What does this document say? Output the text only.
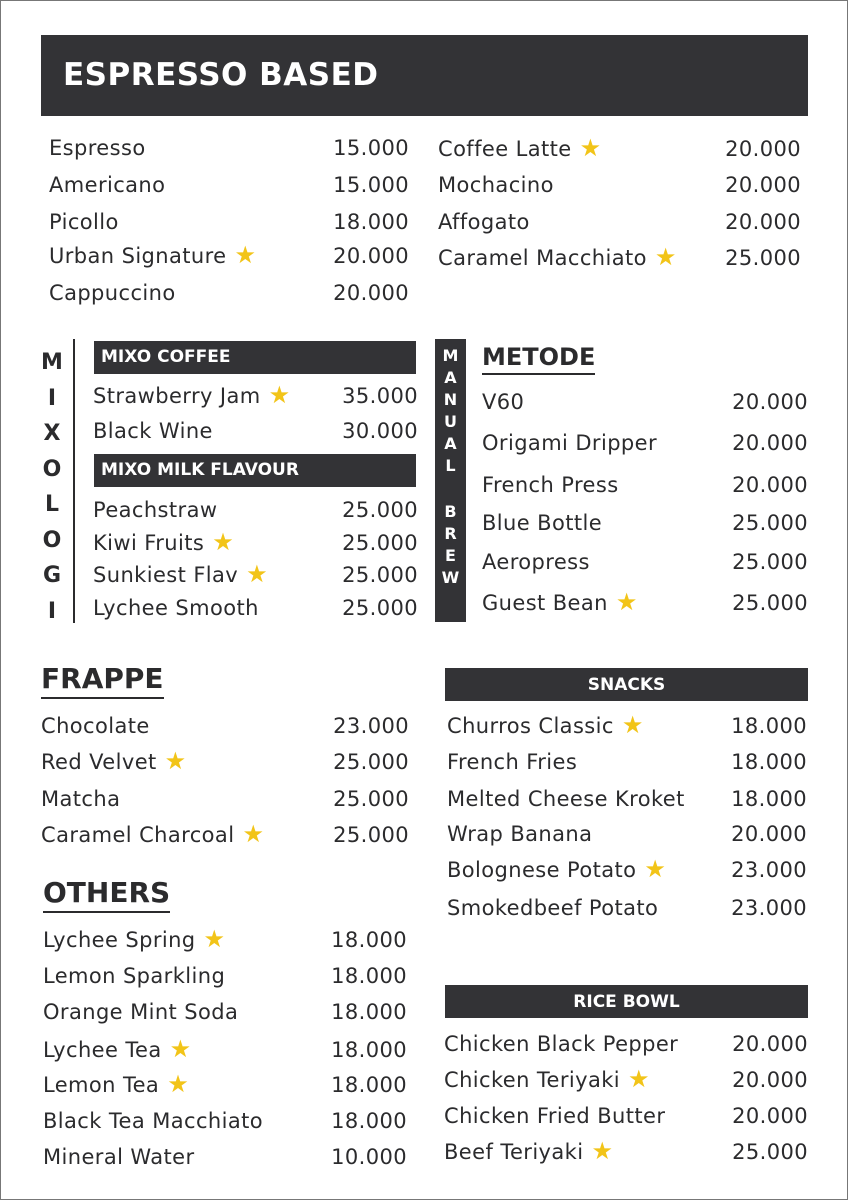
ESPRESSO BASED
Espresso	15.000
Americano	15.000
Picollo	18.000
Urban Signature ★	20.000
Cappuccino	20.000
Coffee Latte ★	20.000
Mochacino	20.000
Affogato	20.000
Caramel Macchiato ★ 25.000
Strawberry Jam ★ 35.000
Black Wine	30.000
Peachstraw	25.000
Kiwi Fruits ★	25.000
Sunkiest Flav ★	25.000
Lychee Smooth	25.000
V60	20.000
Origami Dripper	20.000
French Press	20.000
Blue Bottle	25.000
Aeropress	25.000
Guest Bean ★	25.000
Chocolate	23.000
Red Velvet ★	25.000
Matcha	25.000
Caramel Charcoal ★	25.000
Lychee Spring ★	18.000
Lemon Sparkling	18.000
Orange Mint Soda	18.000
Lychee Tea ★	18.000
Lemon Tea ★	18.000
Black Tea Macchiato	18.000
Mineral Water	10.000
Churros Classic ★	18.000
French Fries	18.000
Melted Cheese Kroket 18.000
Wrap Banana	20.000
Bolognese Potato ★	23.000
Smokedbeef Potato	23.000
Chicken Black Pepper	20.000
Chicken Teriyaki ★	20.000
Chicken Fried Butter	20.000
Beef Teriyaki ★	25.000
M
I
X
O
L
O
G
I
MIXO COFFEE
MIXO MILK FLAVOUR
M
A
N
U
A
L
B
R
E
W
METODE
FRAPPE
OTHERS
SNACKS
RICE BOWL
